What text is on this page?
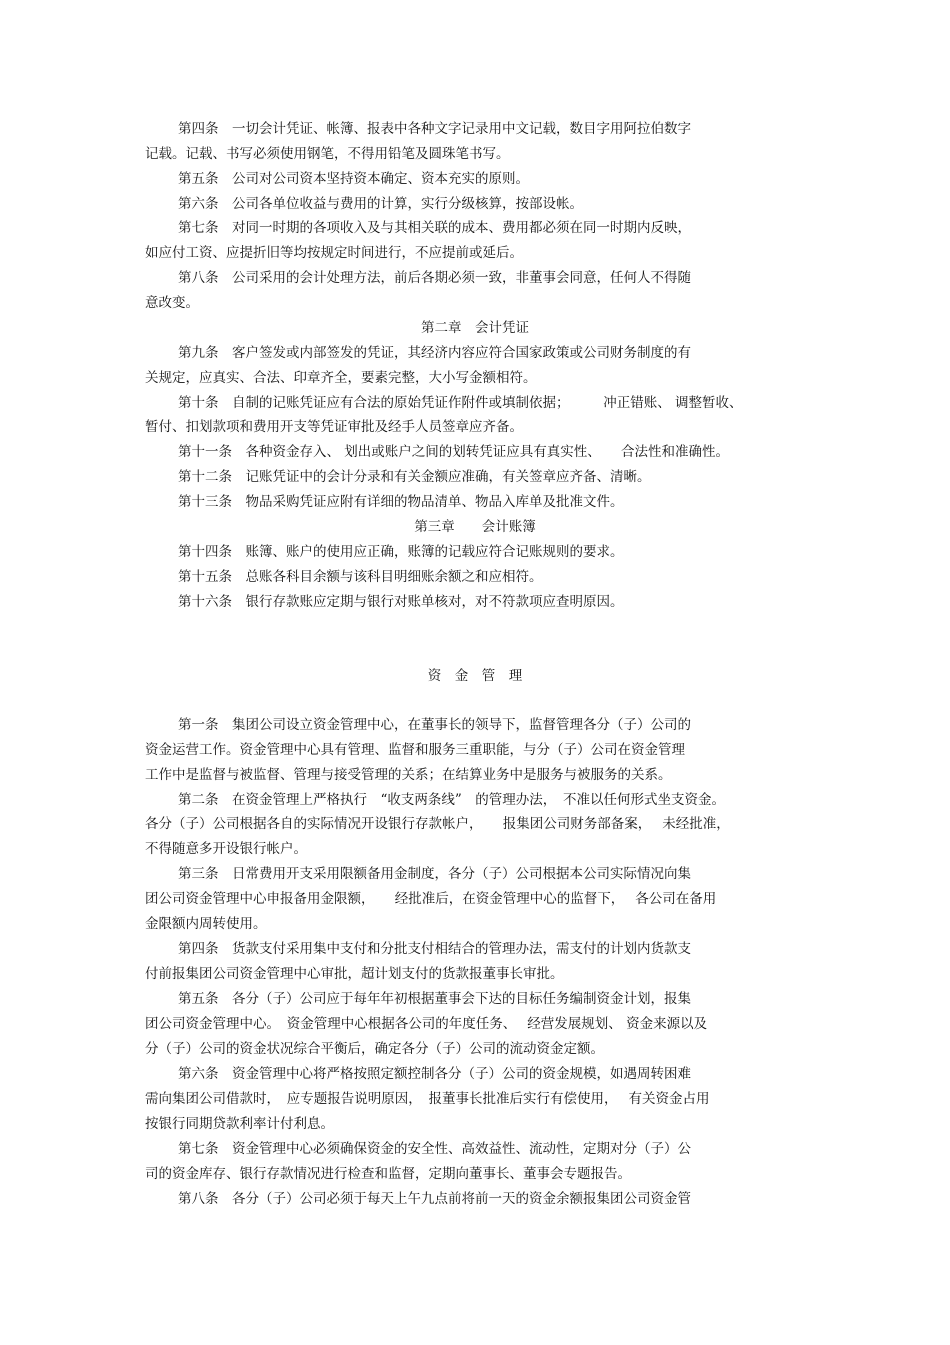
第四条　一切会计凭证、帐簿、报表中各种文字记录用中文记载，数目字用阿拉伯数字
记载。记载、书写必须使用钢笔，不得用铅笔及圆珠笔书写。
第五条　公司对公司资本坚持资本确定、资本充实的原则。
第六条　公司各单位收益与费用的计算，实行分级核算，按部设帐。
第七条　对同一时期的各项收入及与其相关联的成本、费用都必须在同一时期内反映，
如应付工资、应提折旧等均按规定时间进行，不应提前或延后。
第八条　公司采用的会计处理方法，前后各期必须一致，非董事会同意，任何人不得随
意改变。
第二章　会计凭证
第九条　客户签发或内部签发的凭证，其经济内容应符合国家政策或公司财务制度的有
关规定，应真实、合法、印章齐全，要素完整，大小写金额相符。
第十条　自制的记账凭证应有合法的原始凭证作附件或填制依据；　　　冲正错账、 调整暂收、
暂付、扣划款项和费用开支等凭证审批及经手人员签章应齐备。
第十一条　各种资金存入、 划出或账户之间的划转凭证应具有真实性、　　合法性和准确性。
第十二条　记账凭证中的会计分录和有关金额应准确，有关签章应齐备、清晰。
第十三条　物品采购凭证应附有详细的物品清单、物品入库单及批准文件。
第三章　　会计账簿
第十四条　账簿、账户的使用应正确，账簿的记载应符合记账规则的要求。
第十五条　总账各科目余额与该科目明细账余额之和应相符。
第十六条　银行存款账应定期与银行对账单核对，对不符款项应查明原因。
资　金　管　理
第一条　集团公司设立资金管理中心，在董事长的领导下，监督管理各分（子）公司的
资金运营工作。资金管理中心具有管理、监督和服务三重职能，与分（子）公司在资金管理
工作中是监督与被监督、管理与接受管理的关系；在结算业务中是服务与被服务的关系。
第二条　在资金管理上严格执行　“收支两条线”　的管理办法，　不准以任何形式坐支资金。
各分（子）公司根据各自的实际情况开设银行存款帐户，　　报集团公司财务部备案，　 未经批准，
不得随意多开设银行帐户。
第三条　日常费用开支采用限额备用金制度，各分（子）公司根据本公司实际情况向集
团公司资金管理中心申报备用金限额，　　经批准后，在资金管理中心的监督下，　 各公司在备用
金限额内周转使用。
第四条　货款支付采用集中支付和分批支付相结合的管理办法，需支付的计划内货款支
付前报集团公司资金管理中心审批，超计划支付的货款报董事长审批。
第五条　各分（子）公司应于每年年初根据董事会下达的目标任务编制资金计划，报集
团公司资金管理中心。　资金管理中心根据各公司的年度任务、　 经营发展规划、 资金来源以及
分（子）公司的资金状况综合平衡后，确定各分（子）公司的流动资金定额。
第六条　资金管理中心将严格按照定额控制各分（子）公司的资金规模，如遇周转困难
需向集团公司借款时，　应专题报告说明原因，　报董事长批准后实行有偿使用，　 有关资金占用
按银行同期贷款利率计付利息。
第七条　资金管理中心必须确保资金的安全性、高效益性、流动性，定期对分（子）公
司的资金库存、银行存款情况进行检查和监督，定期向董事长、董事会专题报告。
第八条　各分（子）公司必须于每天上午九点前将前一天的资金余额报集团公司资金管
